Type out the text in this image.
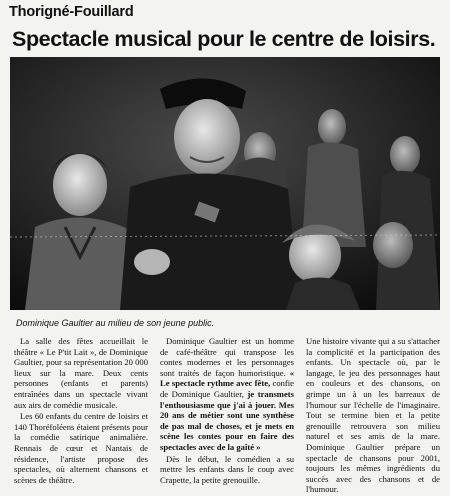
Thorigné-Fouillard
Spectacle musical pour le centre de loisirs.

Dominique Gaultier au milieu de son jeune public.

La salle des fêtes accueillait le théâtre « Le P'tit Lait », de Dominique Gaultier, pour sa représentation 20 000 lieux sur la mare. Deux cents personnes (enfants et parents) entraînées dans un spectacle vivant aux airs de comédie musicale.

Les 60 enfants du centre de loisirs et 140 Thoréfoléens étaient présents pour la comédie satirique animalière. Rennais de cœur et Nantais de résidence, l'artiste propose des spectacles, où alternent chansons et scènes de théâtre.

Dominique Gaultier est un homme de café-théâtre qui transpose les contes modernes et les personnages sont traités de façon humoristique. « Le spectacle rythme avec fête, confie de Dominique Gaultier, je transmets l'enthousiasme que j'ai à jouer. Mes 20 ans de métier sont une synthèse de pas mal de choses, et je mets en scène les contes pour en faire des spectacles avec de la gaîté »

Dès le début, le comédien a su mettre les enfants dans le coup avec Crapette, la petite grenouille.

Une histoire vivante qui a su s'attacher la complicité et la participation des enfants. Un spectacle où, par le langage, le jeu des personnages haut en couleurs et des chansons, on grimpe un à un les barreaux de l'humour sur l'échelle de l'imaginaire. Tout se termine bien et la petite grenouille retrouvera son milieu naturel et ses amis de la mare. Dominique Gaultier prépare un spectacle de chansons pour 2001, toujours les mêmes ingrédients du succès avec des chansons et de l'humour.
